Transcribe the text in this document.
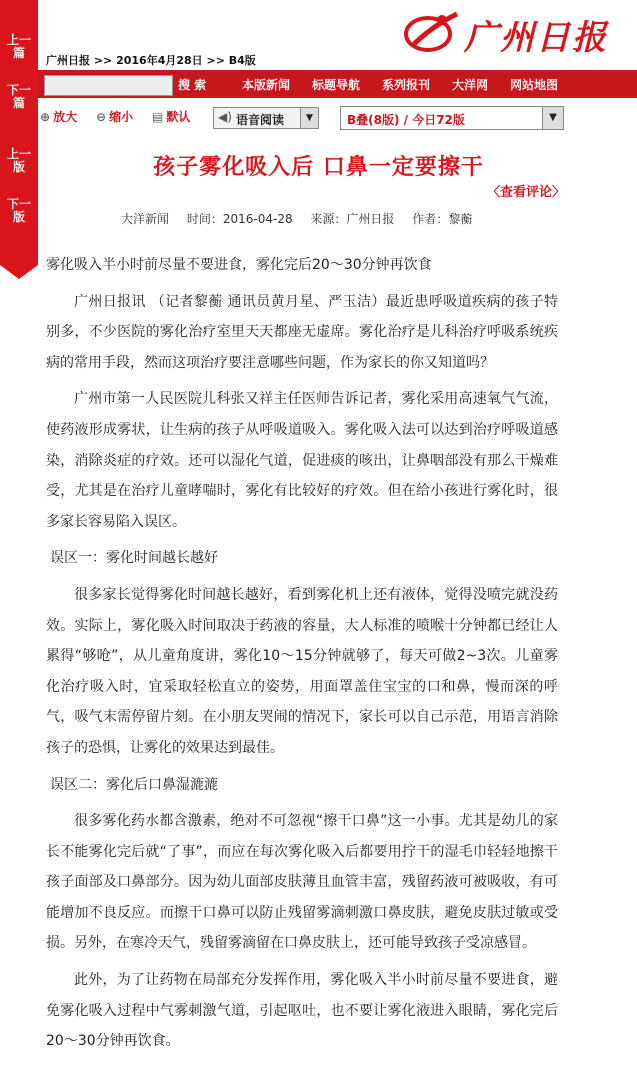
上一篇
下一篇
上一版
下一版
广州日报
广州日报 >> 2016年4月28日 >> B4版
搜 索	本版新闻 标题导航 系列报刊 大洋网 网站地图
⊕ 放大 ⊖ 缩小 ▤ 默认 ◀) 语音阅读	▼	B叠(8版) / 今日72版	▼
孩子雾化吸入后 口鼻一定要擦干
〈查看评论〉
大洋新闻 时间：2016-04-28 来源：广州日报 作者：黎蘅

雾化吸入半小时前尽量不要进食，雾化完后20～30分钟再饮食

广州日报讯 （记者黎蘅 通讯员黄月星、严玉洁）最近患呼吸道疾病的孩子特别多，不少医院的雾化治疗室里天天都座无虚席。雾化治疗是儿科治疗呼吸系统疾病的常用手段，然而这项治疗要注意哪些问题，作为家长的你又知道吗？

广州市第一人民医院儿科张又祥主任医师告诉记者，雾化采用高速氧气气流，使药液形成雾状，让生病的孩子从呼吸道吸入。雾化吸入法可以达到治疗呼吸道感染，消除炎症的疗效。还可以湿化气道，促进痰的咳出，让鼻咽部没有那么干燥难受，尤其是在治疗儿童哮喘时，雾化有比较好的疗效。但在给小孩进行雾化时，很多家长容易陷入误区。

误区一：雾化时间越长越好

很多家长觉得雾化时间越长越好，看到雾化机上还有液体，觉得没喷完就没药效。实际上，雾化吸入时间取决于药液的容量，大人标准的喷喉十分钟都已经让人累得“够呛”，从儿童角度讲，雾化10～15分钟就够了，每天可做2~3次。儿童雾化治疗吸入时，宜采取轻松直立的姿势，用面罩盖住宝宝的口和鼻，慢而深的呼气，吸气末需停留片刻。在小朋友哭闹的情况下，家长可以自己示范，用语言消除孩子的恐惧，让雾化的效果达到最佳。

误区二：雾化后口鼻湿漉漉

很多雾化药水都含激素，绝对不可忽视“擦干口鼻”这一小事。尤其是幼儿的家长不能雾化完后就“了事”，而应在每次雾化吸入后都要用拧干的湿毛巾轻轻地擦干孩子面部及口鼻部分。因为幼儿面部皮肤薄且血管丰富，残留药液可被吸收，有可能增加不良反应。而擦干口鼻可以防止残留雾滴刺激口鼻皮肤，避免皮肤过敏或受损。另外，在寒冷天气，残留雾滴留在口鼻皮肤上，还可能导致孩子受凉感冒。

此外，为了让药物在局部充分发挥作用，雾化吸入半小时前尽量不要进食，避免雾化吸入过程中气雾刺激气道，引起呕吐，也不要让雾化液进入眼睛，雾化完后20～30分钟再饮食。
